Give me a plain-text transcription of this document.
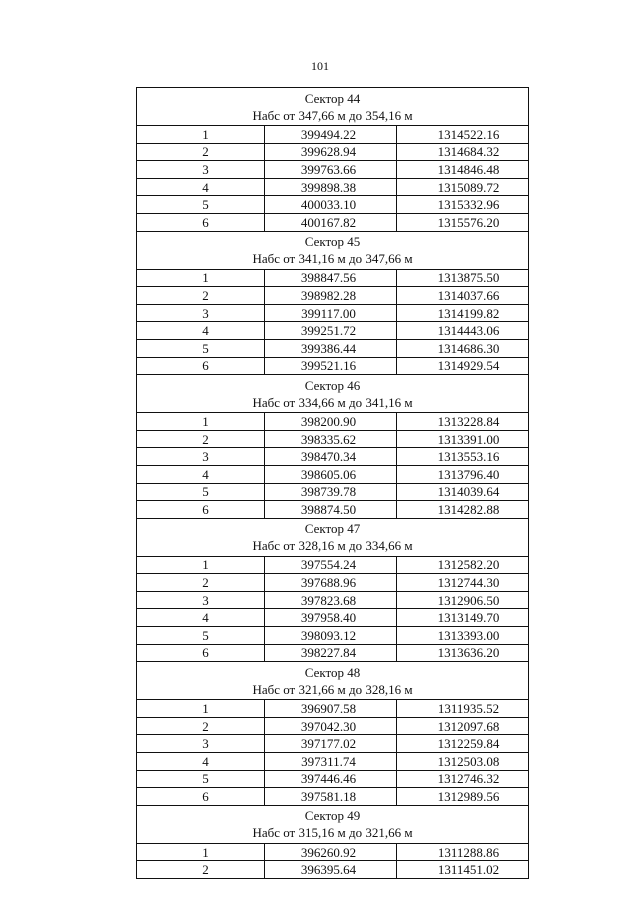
101
Сектор 44
Набс от 347,66 м до 354,16 м		

1	399494.22	1314522.16
2	399628.94	1314684.32
3	399763.66	1314846.48
4	399898.38	1315089.72
5	400033.10	1315332.96
6	400167.82	1315576.20

Сектор 45
Набс от 341,16 м до 347,66 м		

1	398847.56	1313875.50
2	398982.28	1314037.66
3	399117.00	1314199.82
4	399251.72	1314443.06
5	399386.44	1314686.30
6	399521.16	1314929.54

Сектор 46
Набс от 334,66 м до 341,16 м		

1	398200.90	1313228.84
2	398335.62	1313391.00
3	398470.34	1313553.16
4	398605.06	1313796.40
5	398739.78	1314039.64
6	398874.50	1314282.88

Сектор 47
Набс от 328,16 м до 334,66 м		

1	397554.24	1312582.20
2	397688.96	1312744.30
3	397823.68	1312906.50
4	397958.40	1313149.70
5	398093.12	1313393.00
6	398227.84	1313636.20

Сектор 48
Набс от 321,66 м до 328,16 м		

1	396907.58	1311935.52
2	397042.30	1312097.68
3	397177.02	1312259.84
4	397311.74	1312503.08
5	397446.46	1312746.32
6	397581.18	1312989.56

Сектор 49
Набс от 315,16 м до 321,66 м		

1	396260.92	1311288.86
2	396395.64	1311451.02
